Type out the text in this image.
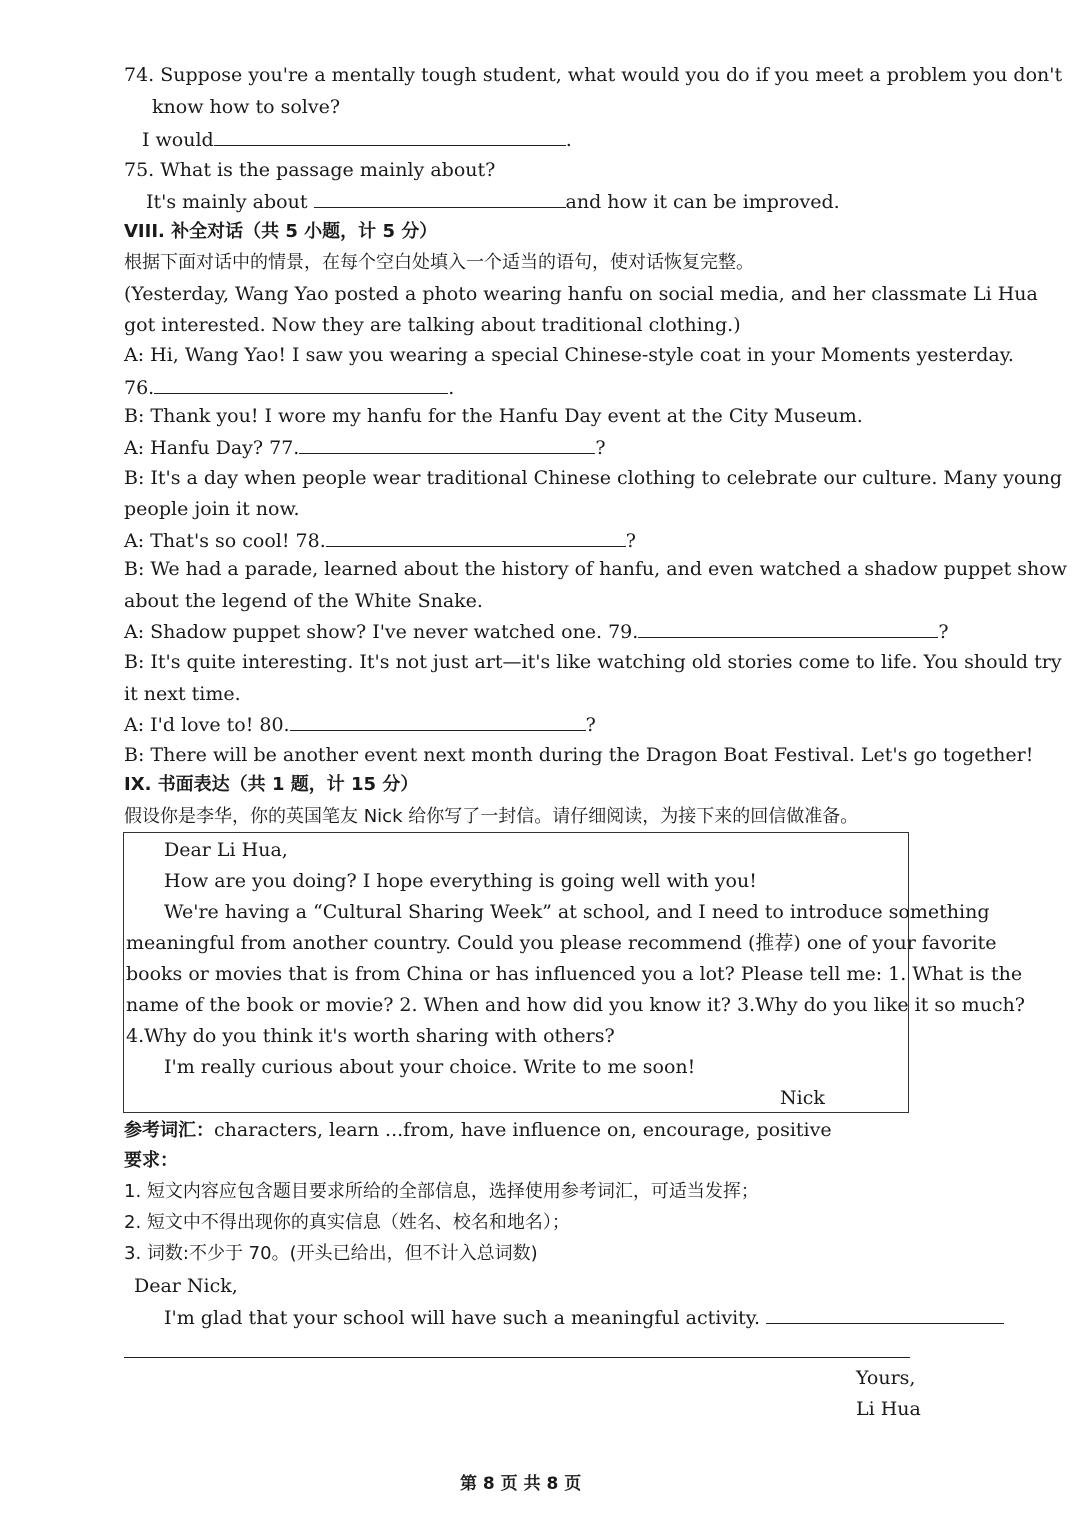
74. Suppose you're a mentally tough student, what would you do if you meet a problem you don't
know how to solve?
I would	.
75. What is the passage mainly about?
It's mainly about	and how it can be improved.
VIII. 补全对话（共 5 小题，计 5 分）
根据下面对话中的情景，在每个空白处填入一个适当的语句，使对话恢复完整。
(Yesterday, Wang Yao posted a photo wearing hanfu on social media, and her classmate Li Hua
got interested. Now they are talking about traditional clothing.)
A: Hi, Wang Yao! I saw you wearing a special Chinese-style coat in your Moments yesterday.
76.	.
B: Thank you! I wore my hanfu for the Hanfu Day event at the City Museum.
A: Hanfu Day? 77.	?
B: It's a day when people wear traditional Chinese clothing to celebrate our culture. Many young
people join it now.
A: That's so cool! 78.	?
B: We had a parade, learned about the history of hanfu, and even watched a shadow puppet show
about the legend of the White Snake.
A: Shadow puppet show? I've never watched one. 79.	?
B: It's quite interesting. It's not just art—it's like watching old stories come to life. You should try
it next time.
A: I'd love to! 80.	?
B: There will be another event next month during the Dragon Boat Festival. Let's go together!
IX. 书面表达（共 1 题，计 15 分）
假设你是李华，你的英国笔友 Nick 给你写了一封信。请仔细阅读，为接下来的回信做准备。
Dear Li Hua,
How are you doing? I hope everything is going well with you!
We're having a “Cultural Sharing Week” at school, and I need to introduce something
meaningful from another country. Could you please recommend (推荐) one of your favorite
books or movies that is from China or has influenced you a lot? Please tell me: 1. What is the
name of the book or movie? 2. When and how did you know it? 3.Why do you like it so much?
4.Why do you think it's worth sharing with others?
I'm really curious about your choice. Write to me soon!
Nick
参考词汇：characters, learn ...from, have influence on, encourage, positive
要求：
1. 短文内容应包含题目要求所给的全部信息，选择使用参考词汇，可适当发挥；
2. 短文中不得出现你的真实信息（姓名、校名和地名）；
3. 词数:不少于 70。(开头已给出，但不计入总词数)
Dear Nick,
I'm glad that your school will have such a meaningful activity.
Yours,
Li Hua
第 8 页 共 8 页
